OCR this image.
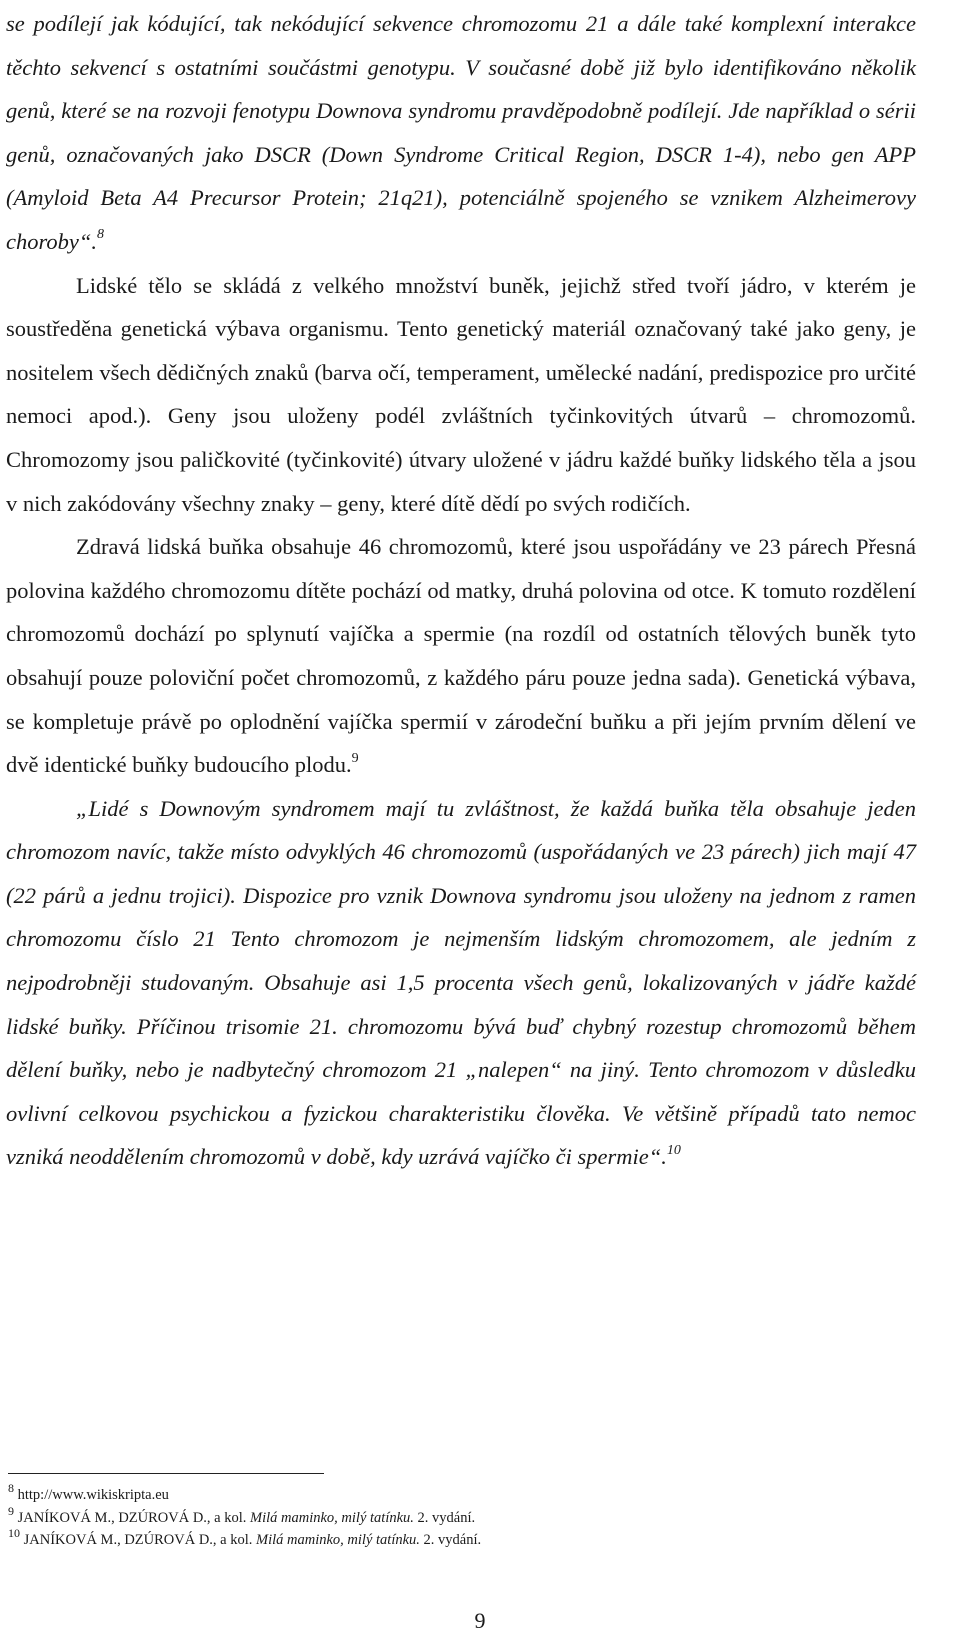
se podílejí jak kódující, tak nekódující sekvence chromozomu 21 a dále také komplexní interakce těchto sekvencí s ostatními součástmi genotypu. V současné době již bylo identifikováno několik genů, které se na rozvoji fenotypu Downova syndromu pravděpodobně podílejí. Jde například o sérii genů, označovaných jako DSCR (Down Syndrome Critical Region, DSCR 1-4), nebo gen APP (Amyloid Beta A4 Precursor Protein; 21q21), potenciálně spojeného se vznikem Alzheimerovy choroby“.$^8$

Lidské tělo se skládá z velkého množství buněk, jejichž střed tvoří jádro, v kterém je soustředěna genetická výbava organismu. Tento genetický materiál označovaný také jako geny, je nositelem všech dědičných znaků (barva očí, temperament, umělecké nadání, predispozice pro určité nemoci apod.). Geny jsou uloženy podél zvláštních tyčinkovitých útvarů – chromozomů. Chromozomy jsou paličkovité (tyčinkovité) útvary uložené v jádru každé buňky lidského těla a jsou v nich zakódovány všechny znaky – geny, které dítě dědí po svých rodičích.

Zdravá lidská buňka obsahuje 46 chromozomů, které jsou uspořádány ve 23 párech Přesná polovina každého chromozomu dítěte pochází od matky, druhá polovina od otce. K tomuto rozdělení chromozomů dochází po splynutí vajíčka a spermie (na rozdíl od ostatních tělových buněk tyto obsahují pouze poloviční počet chromozomů, z každého páru pouze jedna sada). Genetická výbava, se kompletuje právě po oplodnění vajíčka spermií v zárodeční buňku a při jejím prvním dělení ve dvě identické buňky budoucího plodu.$^9$

„Lidé s Downovým syndromem mají tu zvláštnost, že každá buňka těla obsahuje jeden chromozom navíc, takže místo odvyklých 46 chromozomů (uspořádaných ve 23 párech) jich mají 47 (22 párů a jednu trojici). Dispozice pro vznik Downova syndromu jsou uloženy na jednom z ramen chromozomu číslo 21 Tento chromozom je nejmenším lidským chromozomem, ale jedním z nejpodrobněji studovaným. Obsahuje asi 1,5 procenta všech genů, lokalizovaných v jádře každé lidské buňky. Příčinou trisomie 21. chromozomu bývá buď chybný rozestup chromozomů během dělení buňky, nebo je nadbytečný chromozom 21 „nalepen“ na jiný. Tento chromozom v důsledku ovlivní celkovou psychickou a fyzickou charakteristiku člověka. Ve většině případů tato nemoc vzniká neoddělením chromozomů v době, kdy uzrává vajíčko či spermie“.$^{10}$

$^8$ http://www.wikiskripta.eu
$^9$ JANÍKOVÁ M., DZÚROVÁ D., a kol. Milá maminko, milý tatínku. 2. vydání.
$^{10}$ JANÍKOVÁ M., DZÚROVÁ D., a kol. Milá maminko, milý tatínku. 2. vydání.
9
